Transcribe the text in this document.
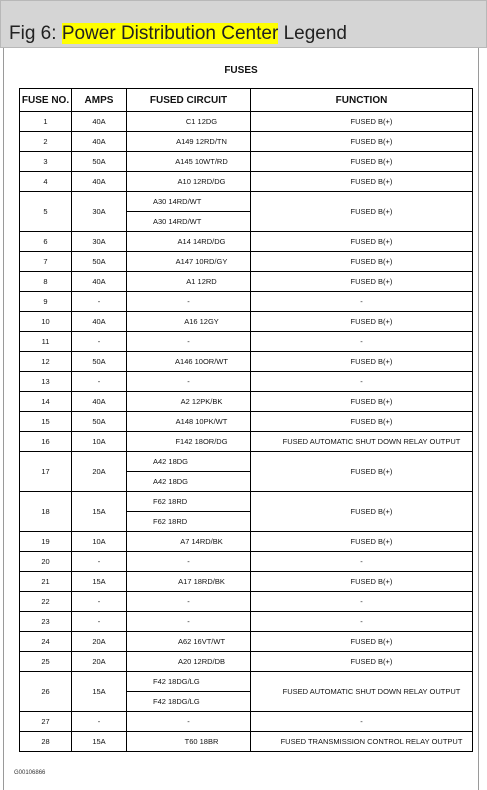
Fig 6: Power Distribution Center Legend
FUSES
FUSE NO.	AMPS	FUSED CIRCUIT	FUNCTION
1	40A	C1 12DG	FUSED B(+)
2	40A	A149 12RD/TN	FUSED B(+)
3	50A	A145 10WT/RD	FUSED B(+)
4	40A	A10 12RD/DG	FUSED B(+)
5	30A	A30 14RD/WT
A30 14RD/WT	FUSED B(+)
6	30A	A14 14RD/DG	FUSED B(+)
7	50A	A147 10RD/GY	FUSED B(+)
8	40A	A1 12RD	FUSED B(+)
9	-	-	-
10	40A	A16 12GY	FUSED B(+)
11	-	-	-
12	50A	A146 10OR/WT	FUSED B(+)
13	-	-	-
14	40A	A2 12PK/BK	FUSED B(+)
15	50A	A148 10PK/WT	FUSED B(+)
16	10A	F142 18OR/DG	FUSED AUTOMATIC SHUT DOWN RELAY OUTPUT
17	20A	A42 18DG
A42 18DG	FUSED B(+)
18	15A	F62 18RD
F62 18RD	FUSED B(+)
19	10A	A7 14RD/BK	FUSED B(+)
20	-	-	-
21	15A	A17 18RD/BK	FUSED B(+)
22	-	-	-
23	-	-	-
24	20A	A62 16VT/WT	FUSED B(+)
25	20A	A20 12RD/DB	FUSED B(+)
26	15A	F42 18DG/LG
F42 18DG/LG	FUSED AUTOMATIC SHUT DOWN RELAY OUTPUT
27	-	-	-
28	15A	T60 18BR	FUSED TRANSMISSION CONTROL RELAY OUTPUT
G00106866
